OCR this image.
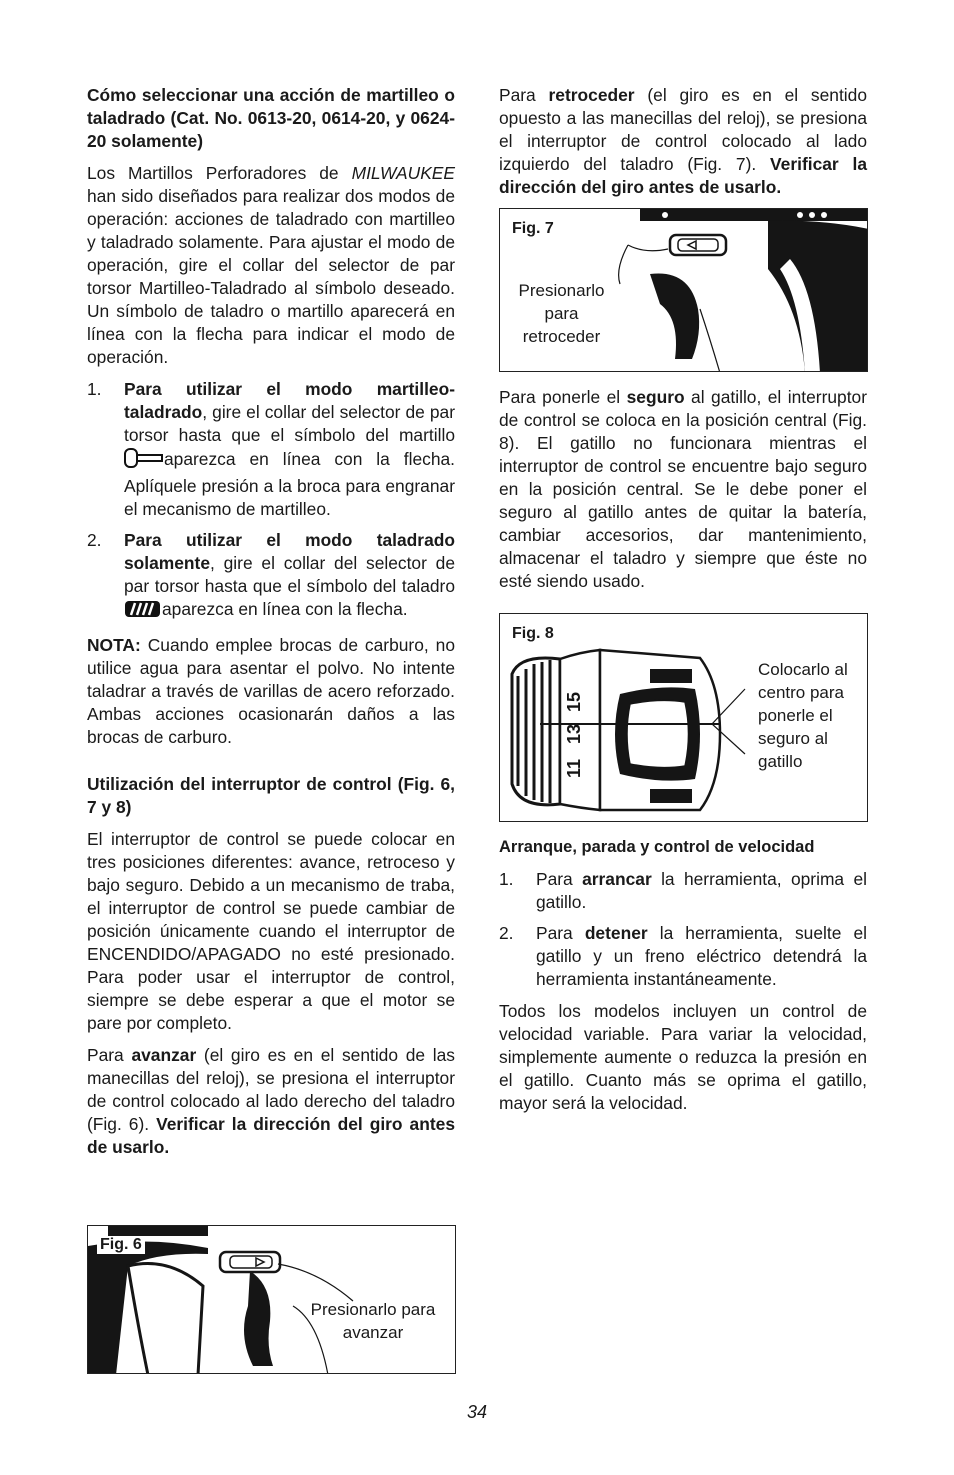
Cómo seleccionar una acción de martilleo o taladrado (Cat. No. 0613-20, 0614-20, y 0624-20 solamente)

Los Martillos Perforadores de MILWAUKEE han sido diseñados para realizar dos modos de operación: acciones de taladrado con martilleo y taladrado solamente. Para ajustar el modo de operación, gire el collar del selector de par torsor Martilleo-Taladrado al símbolo deseado. Un símbolo de taladro o martillo aparecerá en línea con la flecha para indicar el modo de operación.

1. Para utilizar el modo martilleo-taladrado, gire el collar del selector de par torsor hasta que el símbolo del martillo aparezca en línea con la flecha. Aplíquele presión a la broca para engranar el mecanismo de martilleo.
2. Para utilizar el modo taladrado solamente, gire el collar del selector de par torsor hasta que el símbolo del taladroaparezca en línea con la flecha.

NOTA: Cuando emplee brocas de carburo, no utilice agua para asentar el polvo. No intente taladrar a través de varillas de acero reforzado. Ambas acciones ocasionarán daños a las brocas de carburo.

Utilización del interruptor de control (Fig. 6, 7 y 8)

El interruptor de control se puede colocar en tres posiciones diferentes: avance, retroceso y bajo seguro. Debido a un mecanismo de traba, el interruptor de control se puede cambiar de posición únicamente cuando el interruptor de ENCENDIDO/APAGADO no esté presionado. Para poder usar el interruptor de control, siempre se debe esperar a que el motor se pare por completo.

Para avanzar (el giro es en el sentido de las manecillas del reloj), se presiona el interruptor de control colocado al lado derecho del taladro (Fig. 6). Verificar la dirección del giro antes de usarlo.

Fig. 6
Presionarlo para avanzar

Para retroceder (el giro es en el sentido opuesto a las manecillas del reloj), se presiona el interruptor de control colocado al lado izquierdo del taladro (Fig. 7). Verificar la dirección del giro antes de usarlo.

Fig. 7
Presionarlo para retroceder

Para ponerle el seguro al gatillo, el interruptor de control se coloca en la posición central (Fig. 8). El gatillo no funcionara mientras el interruptor de control se encuentre bajo seguro en la posición central. Se le debe poner el seguro al gatillo antes de quitar la batería, cambiar accesorios, dar mantenimiento, almacenar el taladro y siempre que éste no esté siendo usado.

11
13
15
Fig. 8
Colocarlo al centro para ponerle el seguro al gatillo

Arranque, parada y control de velocidad

1. Para arrancar la herramienta, oprima el gatillo.
2. Para detener la herramienta, suelte el gatillo y un freno eléctrico detendrá la herramienta instantáneamente.

Todos los modelos incluyen un control de velocidad variable. Para variar la velocidad, simplemente aumente o reduzca la presión en el gatillo. Cuanto más se oprima el gatillo, mayor será la velocidad.

34
